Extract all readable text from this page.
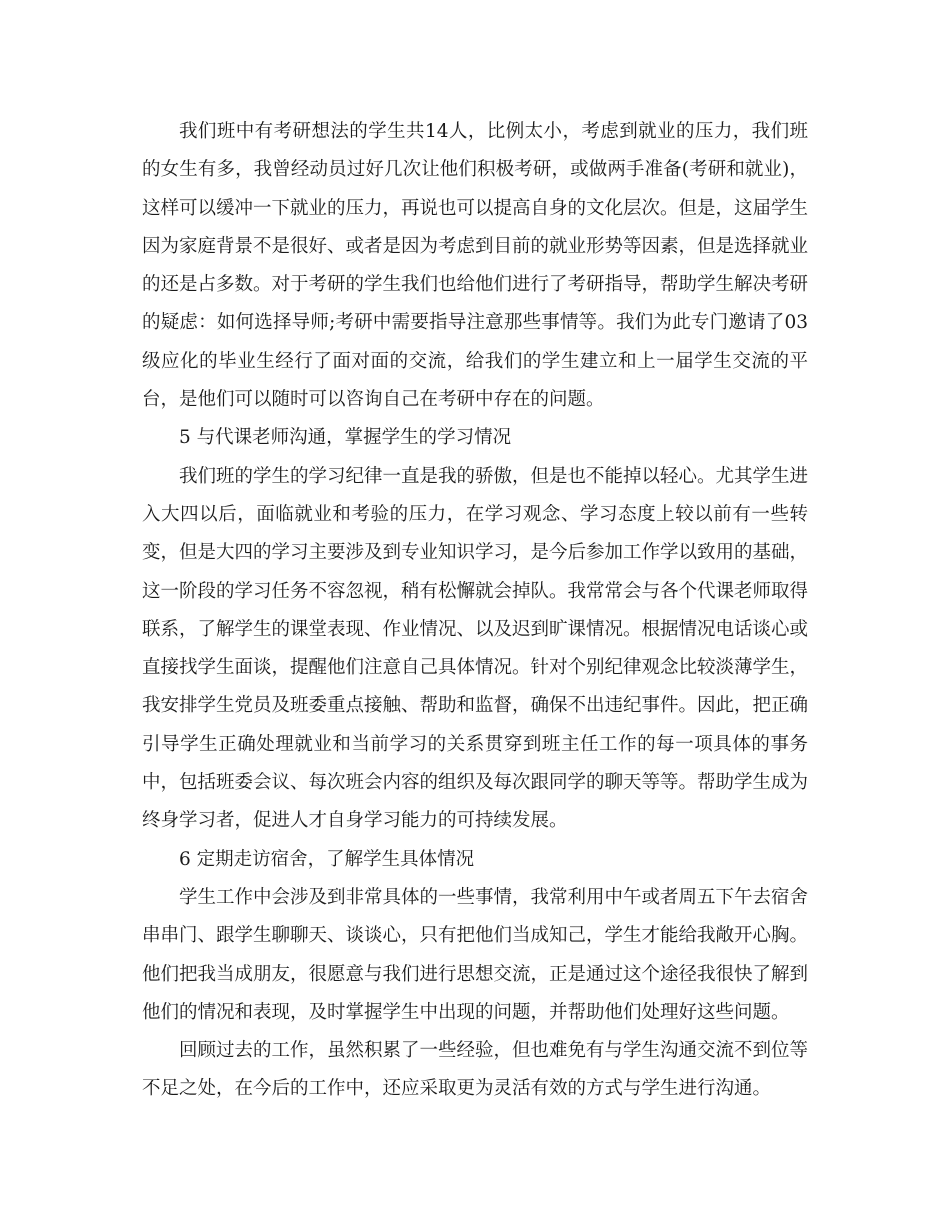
我们班中有考研想法的学生共14人，比例太小，考虑到就业的压力，我们班的女生有多，我曾经动员过好几次让他们积极考研，或做两手准备(考研和就业)，这样可以缓冲一下就业的压力，再说也可以提高自身的文化层次。但是，这届学生因为家庭背景不是很好、或者是因为考虑到目前的就业形势等因素，但是选择就业的还是占多数。对于考研的学生我们也给他们进行了考研指导，帮助学生解决考研的疑虑：如何选择导师;考研中需要指导注意那些事情等。我们为此专门邀请了03级应化的毕业生经行了面对面的交流，给我们的学生建立和上一届学生交流的平台，是他们可以随时可以咨询自己在考研中存在的问题。

5 与代课老师沟通，掌握学生的学习情况

我们班的学生的学习纪律一直是我的骄傲，但是也不能掉以轻心。尤其学生进入大四以后，面临就业和考验的压力，在学习观念、学习态度上较以前有一些转变，但是大四的学习主要涉及到专业知识学习，是今后参加工作学以致用的基础，这一阶段的学习任务不容忽视，稍有松懈就会掉队。我常常会与各个代课老师取得联系，了解学生的课堂表现、作业情况、以及迟到旷课情况。根据情况电话谈心或直接找学生面谈，提醒他们注意自己具体情况。针对个别纪律观念比较淡薄学生，我安排学生党员及班委重点接触、帮助和监督，确保不出违纪事件。因此，把正确引导学生正确处理就业和当前学习的关系贯穿到班主任工作的每一项具体的事务中，包括班委会议、每次班会内容的组织及每次跟同学的聊天等等。帮助学生成为终身学习者，促进人才自身学习能力的可持续发展。

6 定期走访宿舍，了解学生具体情况

学生工作中会涉及到非常具体的一些事情，我常利用中午或者周五下午去宿舍串串门、跟学生聊聊天、谈谈心，只有把他们当成知己，学生才能给我敞开心胸。他们把我当成朋友，很愿意与我们进行思想交流，正是通过这个途径我很快了解到他们的情况和表现，及时掌握学生中出现的问题，并帮助他们处理好这些问题。

回顾过去的工作，虽然积累了一些经验，但也难免有与学生沟通交流不到位等不足之处，在今后的工作中，还应采取更为灵活有效的方式与学生进行沟通。
